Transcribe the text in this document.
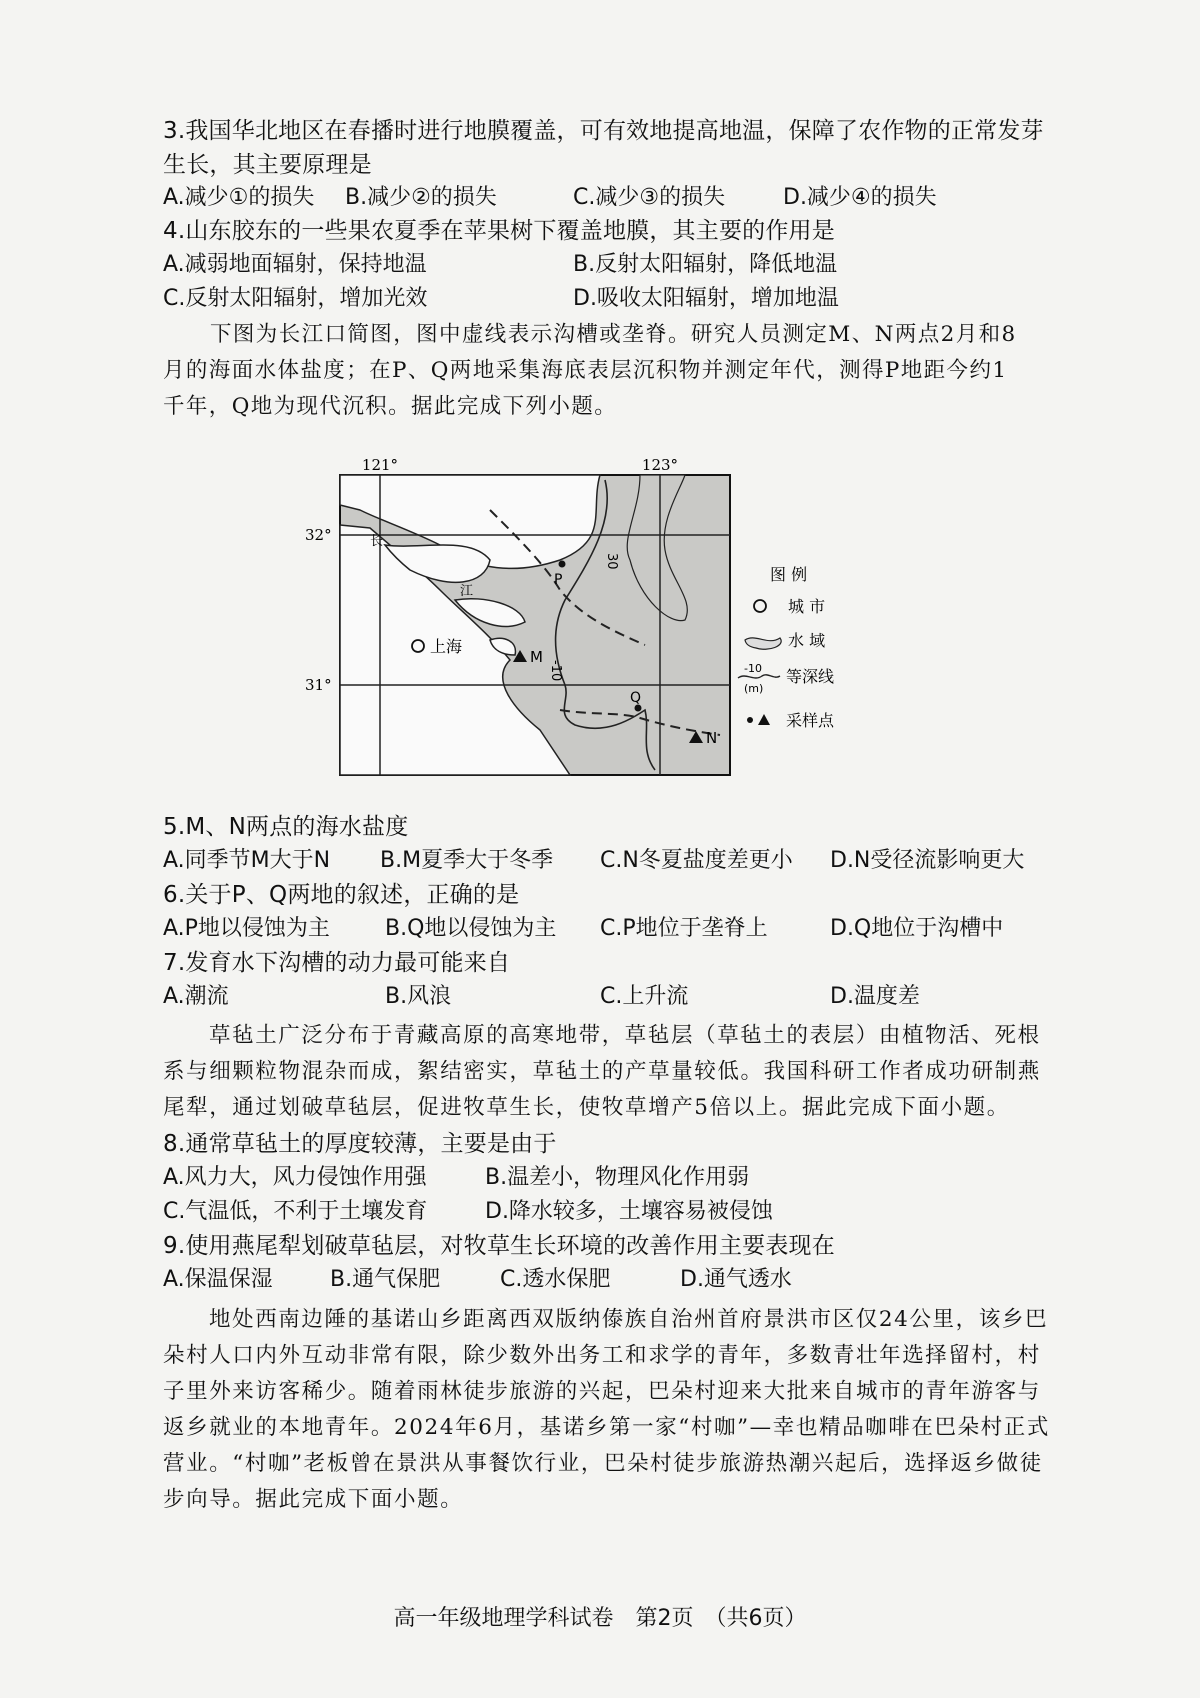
3.我国华北地区在春播时进行地膜覆盖，可有效地提高地温，保障了农作物的正常发芽
生长，其主要原理是
A.减少①的损失 B.减少②的损失	C.减少③的损失	D.减少④的损失
4.山东胶东的一些果农夏季在苹果树下覆盖地膜，其主要的作用是
A.减弱地面辐射，保持地温	B.反射太阳辐射，降低地温
C.反射太阳辐射，增加光效	D.吸收太阳辐射，增加地温
下图为长江口简图，图中虚线表示沟槽或垄脊。研究人员测定M、N两点2月和8
月的海面水体盐度；在P、Q两地采集海底表层沉积物并测定年代，测得P地距今约1
千年，Q地为现代沉积。据此完成下列小题。
121°	123°
32°
31°
长
江
上海
-10
30
P
M
Q
N
图 例
城 市
水 域
-10
(m)
等深线
采样点
5.M、N两点的海水盐度
A.同季节M大于N B.M夏季大于冬季 C.N冬夏盐度差更小 D.N受径流影响更大
6.关于P、Q两地的叙述，正确的是
A.P地以侵蚀为主	B.Q地以侵蚀为主 C.P地位于垄脊上	D.Q地位于沟槽中
7.发育水下沟槽的动力最可能来自
A.潮流	B.风浪	C.上升流	D.温度差

草毡土广泛分布于青藏高原的高寒地带，草毡层（草毡土的表层）由植物活、死根系与细颗粒物混杂而成，絮结密实，草毡土的产草量较低。我国科研工作者成功研制燕尾犁，通过划破草毡层，促进牧草生长，使牧草增产5倍以上。据此完成下面小题。

8.通常草毡土的厚度较薄，主要是由于
A.风力大，风力侵蚀作用强	B.温差小，物理风化作用弱
C.气温低，不利于土壤发育	D.降水较多，土壤容易被侵蚀
9.使用燕尾犁划破草毡层，对牧草生长环境的改善作用主要表现在
A.保温保湿	B.通气保肥	C.透水保肥	D.通气透水

地处西南边陲的基诺山乡距离西双版纳傣族自治州首府景洪市区仅24公里，该乡巴朵村人口内外互动非常有限，除少数外出务工和求学的青年，多数青壮年选择留村，村子里外来访客稀少。随着雨林徒步旅游的兴起，巴朵村迎来大批来自城市的青年游客与返乡就业的本地青年。2024年6月，基诺乡第一家“村咖”—幸也精品咖啡在巴朵村正式营业。“村咖”老板曾在景洪从事餐饮行业，巴朵村徒步旅游热潮兴起后，选择返乡做徒步向导。据此完成下面小题。

高一年级地理学科试卷　第2页　（共6页）
